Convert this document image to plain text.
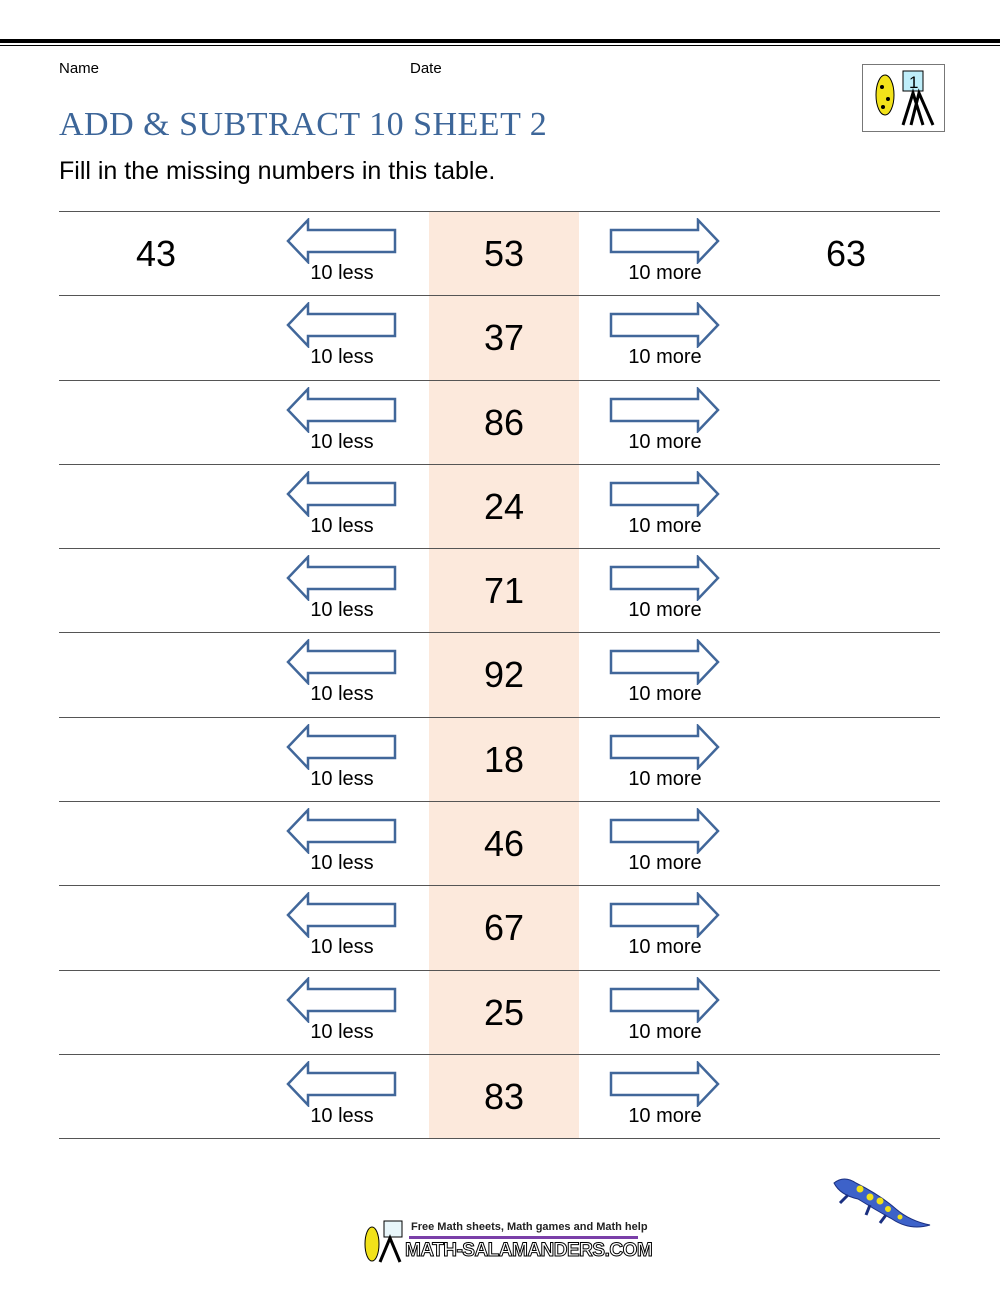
Name	Date
1
ADD & SUBTRACT 10 SHEET 2
Fill in the missing numbers in this table.
43	10 less	53	10 more	63
10 less	37	10 more
10 less	86	10 more
10 less	24	10 more
10 less	71	10 more
10 less	92	10 more
10 less	18	10 more
10 less	46	10 more
10 less	67	10 more
10 less	25	10 more
10 less	83	10 more
Free Math sheets, Math games and Math help
MATH-SALAMANDERS.COM
